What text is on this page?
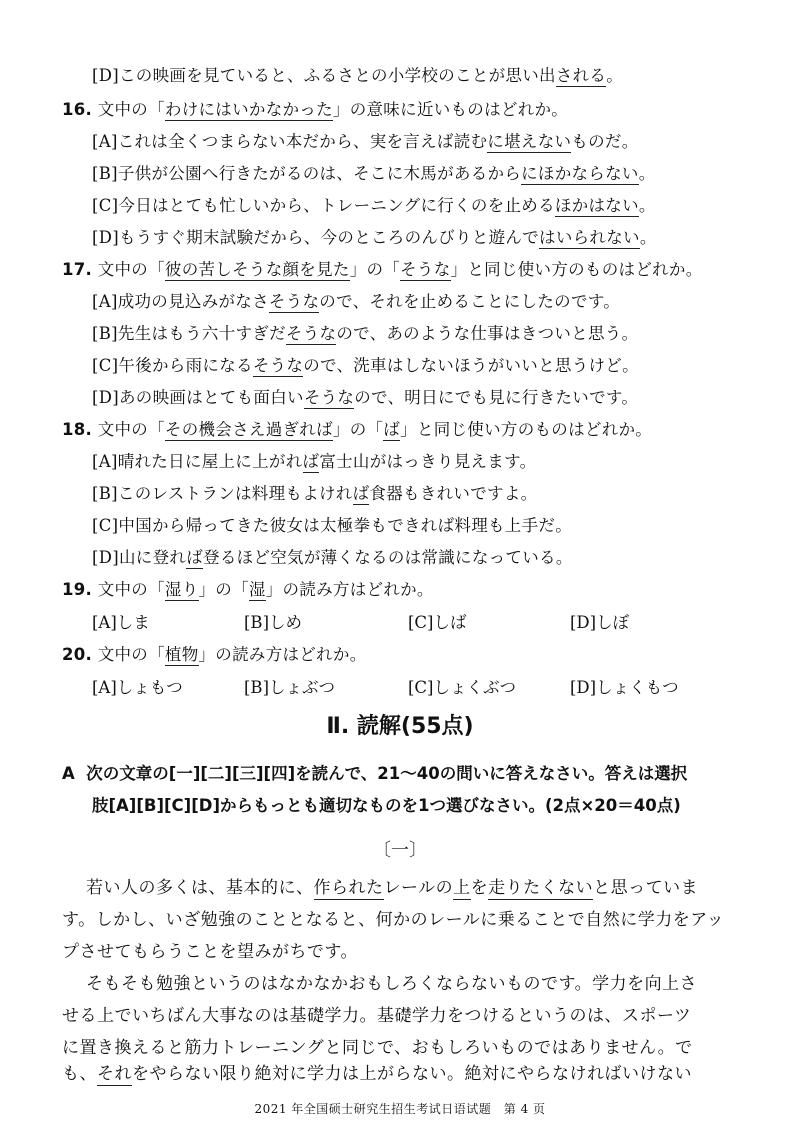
[D]この映画を見ていると、ふるさとの小学校のことが思い出される。
16. 文中の「わけにはいかなかった」の意味に近いものはどれか。
[A]これは全くつまらない本だから、実を言えば読むに堪えないものだ。
[B]子供が公園へ行きたがるのは、そこに木馬があるからにほかならない。
[C]今日はとても忙しいから、トレーニングに行くのを止めるほかはない。
[D]もうすぐ期末試験だから、今のところのんびりと遊んではいられない。
17. 文中の「彼の苦しそうな顔を見た」の「そうな」と同じ使い方のものはどれか。
[A]成功の見込みがなさそうなので、それを止めることにしたのです。
[B]先生はもう六十すぎだそうなので、あのような仕事はきついと思う。
[C]午後から雨になるそうなので、洗車はしないほうがいいと思うけど。
[D]あの映画はとても面白いそうなので、明日にでも見に行きたいです。
18. 文中の「その機会さえ過ぎれば」の「ば」と同じ使い方のものはどれか。
[A]晴れた日に屋上に上がれば富士山がはっきり見えます。
[B]このレストランは料理もよければ食器もきれいですよ。
[C]中国から帰ってきた彼女は太極拳もできれば料理も上手だ。
[D]山に登れば登るほど空気が薄くなるのは常識になっている。
19. 文中の「湿り」の「湿」の読み方はどれか。
[A]しま	[B]しめ	[C]しば	[D]しぼ
20. 文中の「植物」の読み方はどれか。
[A]しょもつ	[B]しょぶつ	[C]しょくぶつ	[D]しょくもつ
Ⅱ. 読解(55点)
A 次の文章の[一][二][三][四]を読んで、21～40の問いに答えなさい。答えは選択
肢[A][B][C][D]からもっとも適切なものを1つ選びなさい。(2点×20＝40点)
〔一〕
若い人の多くは、基本的に、作られたレールの上を走りたくないと思っていま
す。しかし、いざ勉強のこととなると、何かのレールに乗ることで自然に学力をアッ
プさせてもらうことを望みがちです。
そもそも勉強というのはなかなかおもしろくならないものです。学力を向上さ
せる上でいちばん大事なのは基礎学力。基礎学力をつけるというのは、スポーツ
に置き換えると筋力トレーニングと同じで、おもしろいものではありません。で
も、それをやらない限り絶対に学力は上がらない。絶対にやらなければいけない
2021 年全国硕士研究生招生考试日语试题　第 4 页
